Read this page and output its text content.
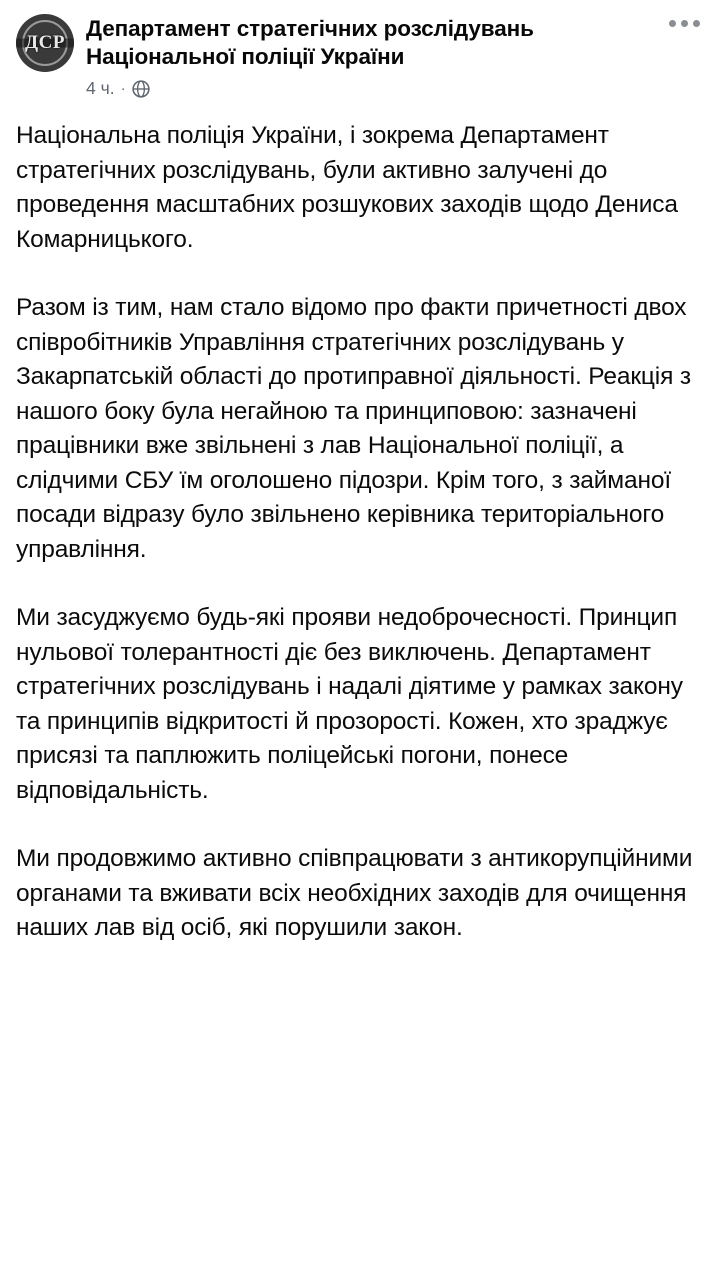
ДСР
Департамент стратегічних розслідувань Національної поліції України
4 ч. ·

Національна поліція України, і зокрема Департамент стратегічних розслідувань, були активно залучені до проведення масштабних розшукових заходів щодо Дениса Комарницького.

Разом із тим, нам стало відомо про факти причетності двох співробітників Управління стратегічних розслідувань у Закарпатській області до протиправної діяльності. Реакція з нашого боку була негайною та принциповою: зазначені працівники вже звільнені з лав Національної поліції, а слідчими СБУ їм оголошено підозри. Крім того, з займаної посади відразу було звільнено керівника територіального управління.

Ми засуджуємо будь-які прояви недоброчесності. Принцип нульової толерантності діє без виключень. Департамент стратегічних розслідувань і надалі діятиме у рамках закону та принципів відкритості й прозорості. Кожен, хто зраджує присязі та паплюжить поліцейські погони, понесе відповідальність.

Ми продовжимо активно співпрацювати з антикорупційними органами та вживати всіх необхідних заходів для очищення наших лав від осіб, які порушили закон.
